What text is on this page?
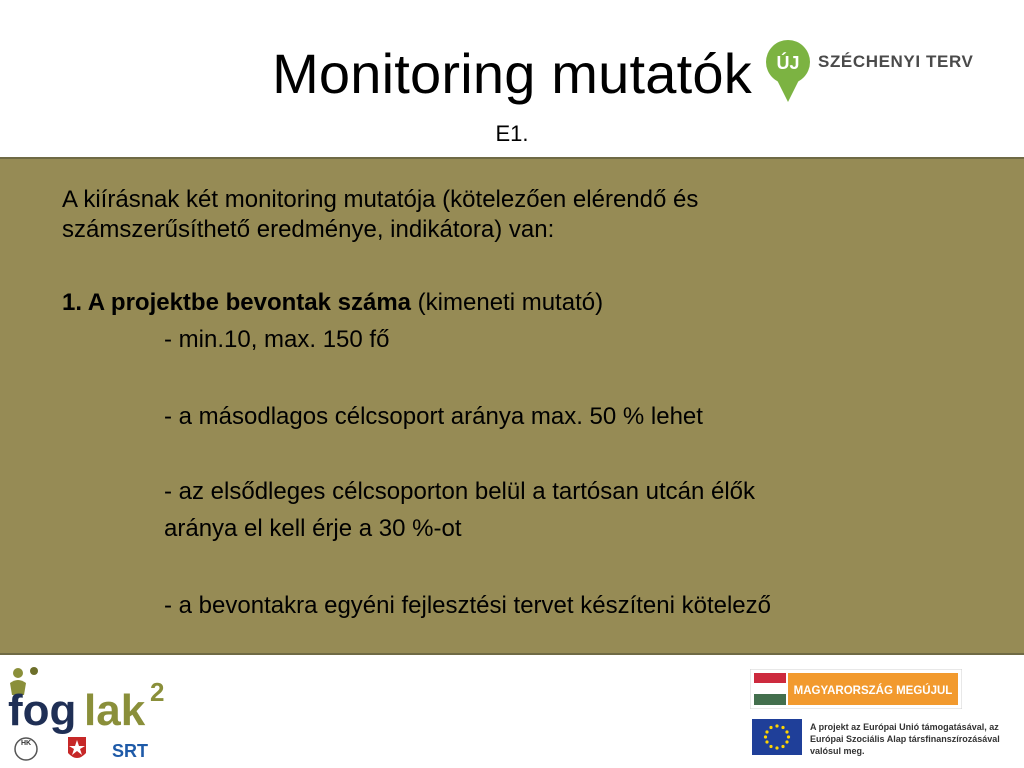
Monitoring mutatók
E1.
ÚJ SZÉCHENYI TERV
A kiírásnak két monitoring mutatója (kötelezően elérendő és
számszerűsíthető eredménye, indikátora) van:
1. A projektbe bevontak száma (kimeneti mutató)
- min.10, max. 150 fő
- a másodlagos célcsoport aránya max. 50 % lehet
- az elsődleges célcsoporton belül a tartósan utcán élők
aránya el kell érje a 30 %-ot
- a bevontakra egyéni fejlesztési tervet készíteni kötelező
fog lak 2
HK	SRT
MAGYARORSZÁG MEGÚJUL
A projekt az Európai Unió támogatásával, az Európai Szociális Alap társfinanszírozásával valósul meg.
